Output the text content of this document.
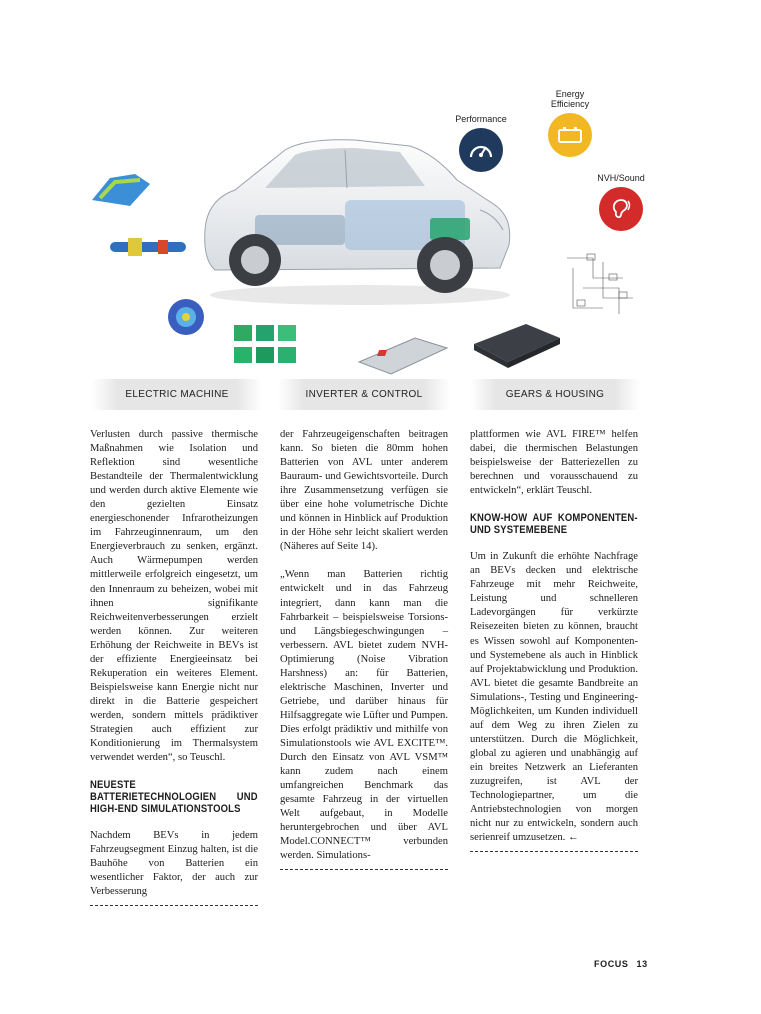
Performance
Energy
Efficiency
NVH/Sound
ELECTRIC MACHINE	INVERTER & CONTROL	GEARS & HOUSING

Verlusten durch passive thermische Maßnahmen wie Isolation und Reflektion sind wesentliche Bestandteile der Thermalentwicklung und werden durch aktive Elemente wie den gezielten Einsatz energieschonender Infrarotheizungen im Fahrzeuginnenraum, um den Energieverbrauch zu senken, ergänzt. Auch Wärmepumpen werden mittlerweile erfolgreich eingesetzt, um den Innenraum zu beheizen, wobei mit ihnen signifikante Reichweitenverbesserungen erzielt werden können. Zur weiteren Erhöhung der Reichweite in BEVs ist der effiziente Energieeinsatz bei Rekuperation ein weiteres Element. Beispielsweise kann Energie nicht nur direkt in die Batterie gespeichert werden, sondern mittels prädiktiver Strategien auch effizient zur Konditionierung im Thermalsystem verwendet werden“, so Teuschl.

NEUESTE BATTERIETECHNOLOGIEN UND HIGH-END SIMULATIONSTOOLS

Nachdem BEVs in jedem Fahrzeugsegment Einzug halten, ist die Bauhöhe von Batterien ein wesentlicher Faktor, der auch zur Verbesserung

der Fahrzeugeigenschaften beitragen kann. So bieten die 80mm hohen Batterien von AVL unter anderem Bauraum- und Gewichtsvorteile. Durch ihre Zusammensetzung verfügen sie über eine hohe volumetrische Dichte und können in Hinblick auf Produktion in der Höhe sehr leicht skaliert werden (Näheres auf Seite 14).

„Wenn man Batterien richtig entwickelt und in das Fahrzeug integriert, dann kann man die Fahrbarkeit – beispielsweise Torsions- und Längsbiegeschwingungen – verbessern. AVL bietet zudem NVH-Optimierung (Noise Vibration Harshness) an: für Batterien, elektrische Maschinen, Inverter und Getriebe, und darüber hinaus für Hilfsaggregate wie Lüfter und Pumpen. Dies erfolgt prädiktiv und mithilfe von Simulationstools wie AVL EXCITE™. Durch den Einsatz von AVL VSM™ kann zudem nach einem umfangreichen Benchmark das gesamte Fahrzeug in der virtuellen Welt aufgebaut, in Modelle heruntergebrochen und über AVL Model.CONNECT™ verbunden werden. Simulations-

plattformen wie AVL FIRE™ helfen dabei, die thermischen Belastungen beispielsweise der Batteriezellen zu berechnen und vorausschauend zu entwickeln“, erklärt Teuschl.

KNOW-HOW AUF KOMPONENTEN- UND SYSTEMEBENE

Um in Zukunft die erhöhte Nachfrage an BEVs decken und elektrische Fahrzeuge mit mehr Reichweite, Leistung und schnelleren Ladevorgängen für verkürzte Reisezeiten bieten zu können, braucht es Wissen sowohl auf Komponenten- und Systemebene als auch in Hinblick auf Projektabwicklung und Produktion. AVL bietet die gesamte Bandbreite an Simulations-, Testing und Engineering-Möglichkeiten, um Kunden individuell auf dem Weg zu ihren Zielen zu unterstützen. Durch die Möglichkeit, global zu agieren und unabhängig auf ein breites Netzwerk an Lieferanten zuzugreifen, ist AVL der Technologiepartner, um die Antriebstechnologien von morgen nicht nur zu entwickeln, sondern auch serienreif umzusetzen. ←

FOCUS 13
